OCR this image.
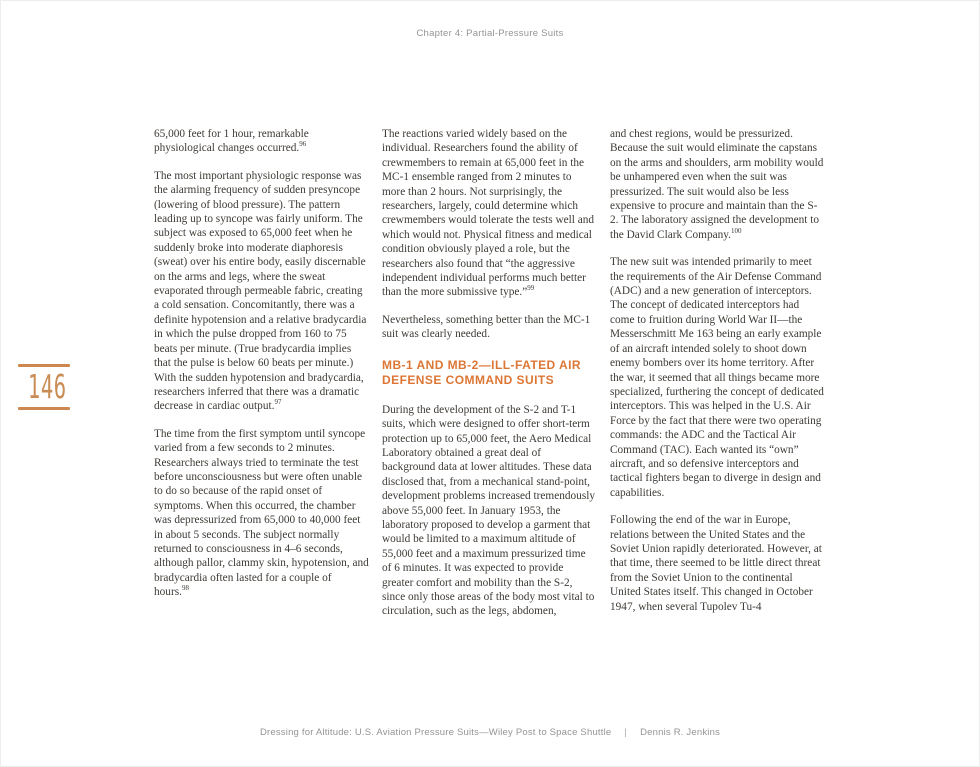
Chapter 4: Partial-Pressure Suits
146

65,000 feet for 1 hour, remarkable physiological changes occurred.$^{96}$

The most important physiologic response was the alarming frequency of sudden presyncope (lowering of blood pressure). The pattern leading up to syncope was fairly uniform. The subject was exposed to 65,000 feet when he suddenly broke into moderate diaphoresis (sweat) over his entire body, easily discernable on the arms and legs, where the sweat evaporated through permeable fabric, creating a cold sensation. Concomitantly, there was a definite hypotension and a relative bradycardia in which the pulse dropped from 160 to 75 beats per minute. (True bradycardia implies that the pulse is below 60 beats per minute.) With the sudden hypotension and bradycardia, researchers inferred that there was a dramatic decrease in cardiac output.$^{97}$

The time from the first symptom until syncope varied from a few seconds to 2 minutes. Researchers always tried to terminate the test before unconsciousness but were often unable to do so because of the rapid onset of symptoms. When this occurred, the chamber was depressurized from 65,000 to 40,000 feet in about 5 seconds. The subject normally returned to consciousness in 4–6 seconds, although pallor, clammy skin, hypotension, and bradycardia often lasted for a couple of hours.$^{98}$

The reactions varied widely based on the individual. Researchers found the ability of crewmembers to remain at 65,000 feet in the MC-1 ensemble ranged from 2 minutes to more than 2 hours. Not surprisingly, the researchers, largely, could determine which crewmembers would tolerate the tests well and which would not. Physical fitness and medical condition obviously played a role, but the researchers also found that “the aggressive independent individual performs much better than the more submissive type.”$^{99}$

Nevertheless, something better than the MC-1 suit was clearly needed.

MB-1 AND MB-2—ILL-FATED AIR DEFENSE COMMAND SUITS

During the development of the S-2 and T-1 suits, which were designed to offer short-term protection up to 65,000 feet, the Aero Medical Laboratory obtained a great deal of background data at lower altitudes. These data disclosed that, from a mechanical stand-point, development problems increased tremendously above 55,000 feet. In January 1953, the laboratory proposed to develop a garment that would be limited to a maximum altitude of 55,000 feet and a maximum pressurized time of 6 minutes. It was expected to provide greater comfort and mobility than the S-2, since only those areas of the body most vital to circulation, such as the legs, abdomen,

and chest regions, would be pressurized. Because the suit would eliminate the capstans on the arms and shoulders, arm mobility would be unhampered even when the suit was pressurized. The suit would also be less expensive to procure and maintain than the S-2. The laboratory assigned the development to the David Clark Company.$^{100}$

The new suit was intended primarily to meet the requirements of the Air Defense Command (ADC) and a new generation of interceptors. The concept of dedicated interceptors had come to fruition during World War II—the Messerschmitt Me 163 being an early example of an aircraft intended solely to shoot down enemy bombers over its home territory. After the war, it seemed that all things became more specialized, furthering the concept of dedicated interceptors. This was helped in the U.S. Air Force by the fact that there were two operating commands: the ADC and the Tactical Air Command (TAC). Each wanted its “own” aircraft, and so defensive interceptors and tactical fighters began to diverge in design and capabilities.

Following the end of the war in Europe, relations between the United States and the Soviet Union rapidly deteriorated. However, at that time, there seemed to be little direct threat from the Soviet Union to the continental United States itself. This changed in October 1947, when several Tupolev Tu-4

Dressing for Altitude: U.S. Aviation Pressure Suits—Wiley Post to Space Shuttle | Dennis R. Jenkins
